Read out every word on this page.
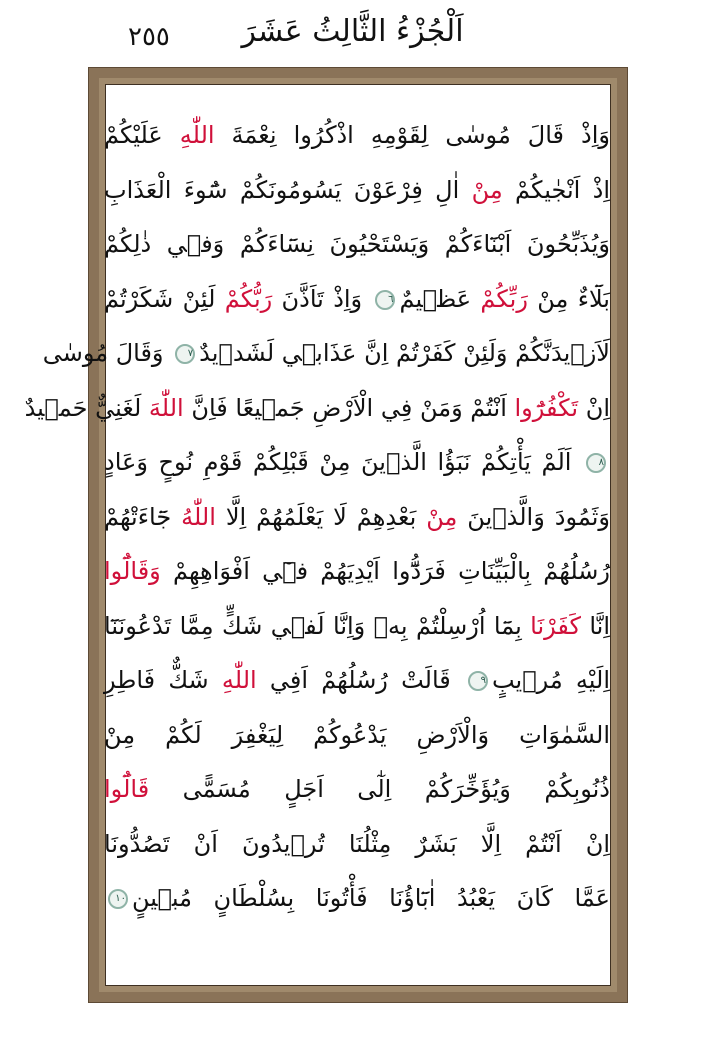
٢٥٥	اَلْجُزْءُ الثَّالِثُ عَشَرَ
وَاِذْ قَالَ مُوسٰى لِقَوْمِهِ اذْكُرُوا نِعْمَةَ اللّٰهِ عَلَيْكُمْ
اِذْ اَنْجٰيكُمْ مِنْ اٰلِ فِرْعَوْنَ يَسُومُونَكُمْ سُٓوءَ الْعَذَابِ
وَيُذَبِّحُونَ اَبْنَٓاءَكُمْ وَيَسْتَحْيُونَ نِسَٓاءَكُمْ وَفٖي ذٰلِكُمْ
بَلَٓاءٌ مِنْ رَبِّكُمْ عَظٖيمٌ٦ وَاِذْ تَاَذَّنَ رَبُّكُمْ لَئِنْ شَكَرْتُمْ
لَاَزٖيدَنَّكُمْ وَلَئِنْ كَفَرْتُمْ اِنَّ عَذَابٖي لَشَدٖيدٌ٧ وَقَالَ مُوسٰى
اِنْ تَكْفُرُٓوا اَنْتُمْ وَمَنْ فِي الْاَرْضِ جَمٖيعًا فَاِنَّ اللّٰهَ لَغَنِيٌّ حَمٖيدٌ
٨ اَلَمْ يَأْتِكُمْ نَبَؤُا الَّذٖينَ مِنْ قَبْلِكُمْ قَوْمِ نُوحٍ وَعَادٍ
وَثَمُودَ وَالَّذٖينَ مِنْ بَعْدِهِمْ لَا يَعْلَمُهُمْ اِلَّا اللّٰهُ جَٓاءَتْهُمْ
رُسُلُهُمْ بِالْبَيِّنَاتِ فَرَدُّٓوا اَيْدِيَهُمْ فٖٓي اَفْوَاهِهِمْ وَقَالُٓوا
اِنَّا كَفَرْنَا بِمَٓا اُرْسِلْتُمْ بِهٖ وَاِنَّا لَفٖي شَكٍّ مِمَّا تَدْعُونَنَٓا
اِلَيْهِ مُرٖيبٍ٩ قَالَتْ رُسُلُهُمْ اَفِي اللّٰهِ شَكٌّ فَاطِرِ
السَّمٰوَاتِ وَالْاَرْضِ يَدْعُوكُمْ لِيَغْفِرَ لَكُمْ مِنْ
ذُنُوبِكُمْ وَيُؤَخِّرَكُمْ اِلٰٓى اَجَلٍ مُسَمًّى قَالُٓوا
اِنْ اَنْتُمْ اِلَّا بَشَرٌ مِثْلُنَا تُرٖيدُونَ اَنْ تَصُدُّونَا
عَمَّا كَانَ يَعْبُدُ اٰبَٓاؤُنَا فَأْتُونَا بِسُلْطَانٍ مُبٖينٍ١٠
